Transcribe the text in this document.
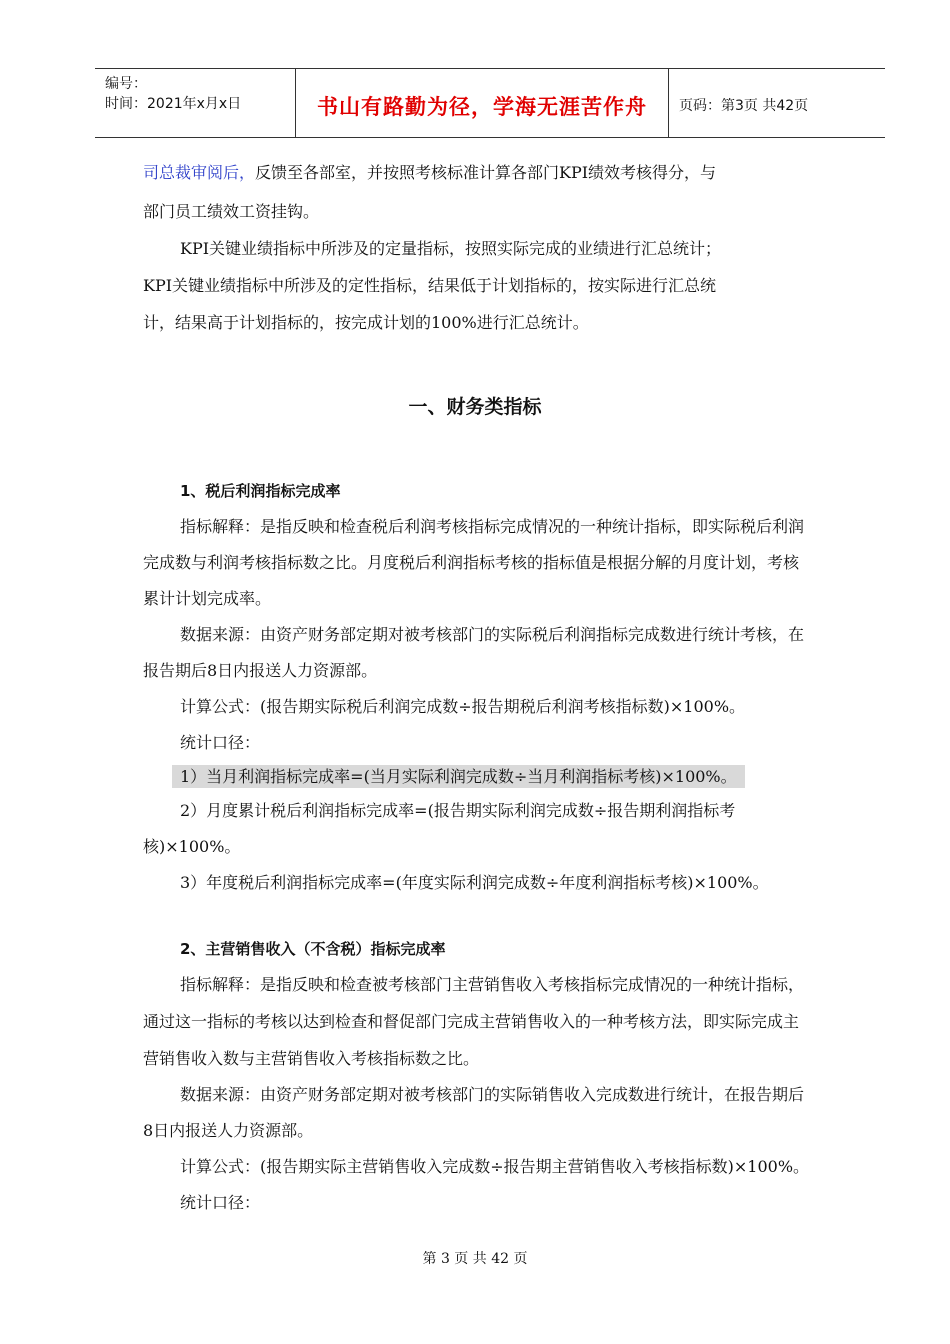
编号：
时间：2021年x月x日	书山有路勤为径，学海无涯苦作舟	页码：第3页 共42页
司总裁审阅后，反馈至各部室，并按照考核标准计算各部门KPI绩效考核得分，与
部门员工绩效工资挂钩。
KPI关键业绩指标中所涉及的定量指标，按照实际完成的业绩进行汇总统计；
KPI关键业绩指标中所涉及的定性指标，结果低于计划指标的，按实际进行汇总统
计，结果高于计划指标的，按完成计划的100%进行汇总统计。
一、财务类指标
1、税后利润指标完成率
指标解释：是指反映和检查税后利润考核指标完成情况的一种统计指标，即实际税后利润
完成数与利润考核指标数之比。月度税后利润指标考核的指标值是根据分解的月度计划，考核
累计计划完成率。
数据来源：由资产财务部定期对被考核部门的实际税后利润指标完成数进行统计考核，在
报告期后8日内报送人力资源部。
计算公式：(报告期实际税后利润完成数÷报告期税后利润考核指标数)×100%。
统计口径：
1）当月利润指标完成率=(当月实际利润完成数÷当月利润指标考核)×100%。
2）月度累计税后利润指标完成率=(报告期实际利润完成数÷报告期利润指标考
核)×100%。
3）年度税后利润指标完成率=(年度实际利润完成数÷年度利润指标考核)×100%。
2、主营销售收入（不含税）指标完成率
指标解释：是指反映和检查被考核部门主营销售收入考核指标完成情况的一种统计指标，
通过这一指标的考核以达到检查和督促部门完成主营销售收入的一种考核方法，即实际完成主
营销售收入数与主营销售收入考核指标数之比。
数据来源：由资产财务部定期对被考核部门的实际销售收入完成数进行统计，在报告期后
8日内报送人力资源部。
计算公式：(报告期实际主营销售收入完成数÷报告期主营销售收入考核指标数)×100%。
统计口径：
第 3 页 共 42 页
